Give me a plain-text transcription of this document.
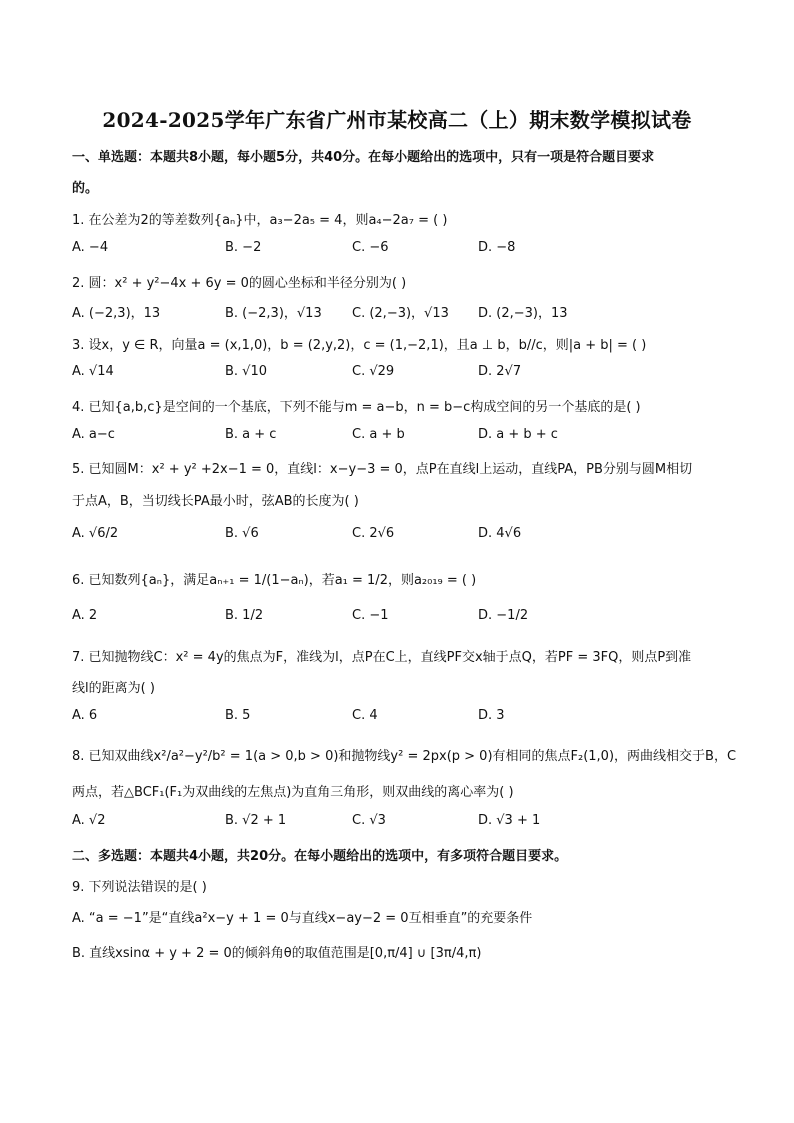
2024-2025学年广东省广州市某校高二（上）期末数学模拟试卷
一、单选题：本题共8小题，每小题5分，共40分。在每小题给出的选项中，只有一项是符合题目要求
的。
1. 在公差为2的等差数列{aₙ}中，a₃−2a₅ = 4，则a₄−2a₇ = ( )
A. −4	B. −2	C. −6	D. −8
2. 圆：x² + y²−4x + 6y = 0的圆心坐标和半径分别为( )
A. (−2,3)，13	B. (−2,3)，√13 C. (2,−3)，√13 D. (2,−3)，13
3. 设x，y ∈ R，向量a = (x,1,0)，b = (2,y,2)，c = (1,−2,1)，且a ⊥ b，b//c，则|a + b| = ( )
A. √14	B. √10	C. √29	D. 2√7
4. 已知{a,b,c}是空间的一个基底，下列不能与m = a−b，n = b−c构成空间的另一个基底的是( )
A. a−c	B. a + c	C. a + b	D. a + b + c
5. 已知圆M：x² + y² +2x−1 = 0，直线l：x−y−3 = 0，点P在直线l上运动，直线PA，PB分别与圆M相切
于点A，B，当切线长PA最小时，弦AB的长度为( )
A. √6/2	B. √6	C. 2√6	D. 4√6
6. 已知数列{aₙ}，满足aₙ₊₁ = 1/(1−aₙ)，若a₁ = 1/2，则a₂₀₁₉ = ( )
A. 2	B. 1/2	C. −1	D. −1/2
7. 已知抛物线C：x² = 4y的焦点为F，准线为l，点P在C上，直线PF交x轴于点Q，若PF = 3FQ，则点P到准
线l的距离为( )
A. 6	B. 5	C. 4	D. 3
8. 已知双曲线x²/a²−y²/b² = 1(a > 0,b > 0)和抛物线y² = 2px(p > 0)有相同的焦点F₂(1,0)，两曲线相交于B，C
两点，若△BCF₁(F₁为双曲线的左焦点)为直角三角形，则双曲线的离心率为( )
A. √2	B. √2 + 1	C. √3	D. √3 + 1
二、多选题：本题共4小题，共20分。在每小题给出的选项中，有多项符合题目要求。
9. 下列说法错误的是( )
A. “a = −1”是“直线a²x−y + 1 = 0与直线x−ay−2 = 0互相垂直”的充要条件
B. 直线xsinα + y + 2 = 0的倾斜角θ的取值范围是[0,π/4] ∪ [3π/4,π)
